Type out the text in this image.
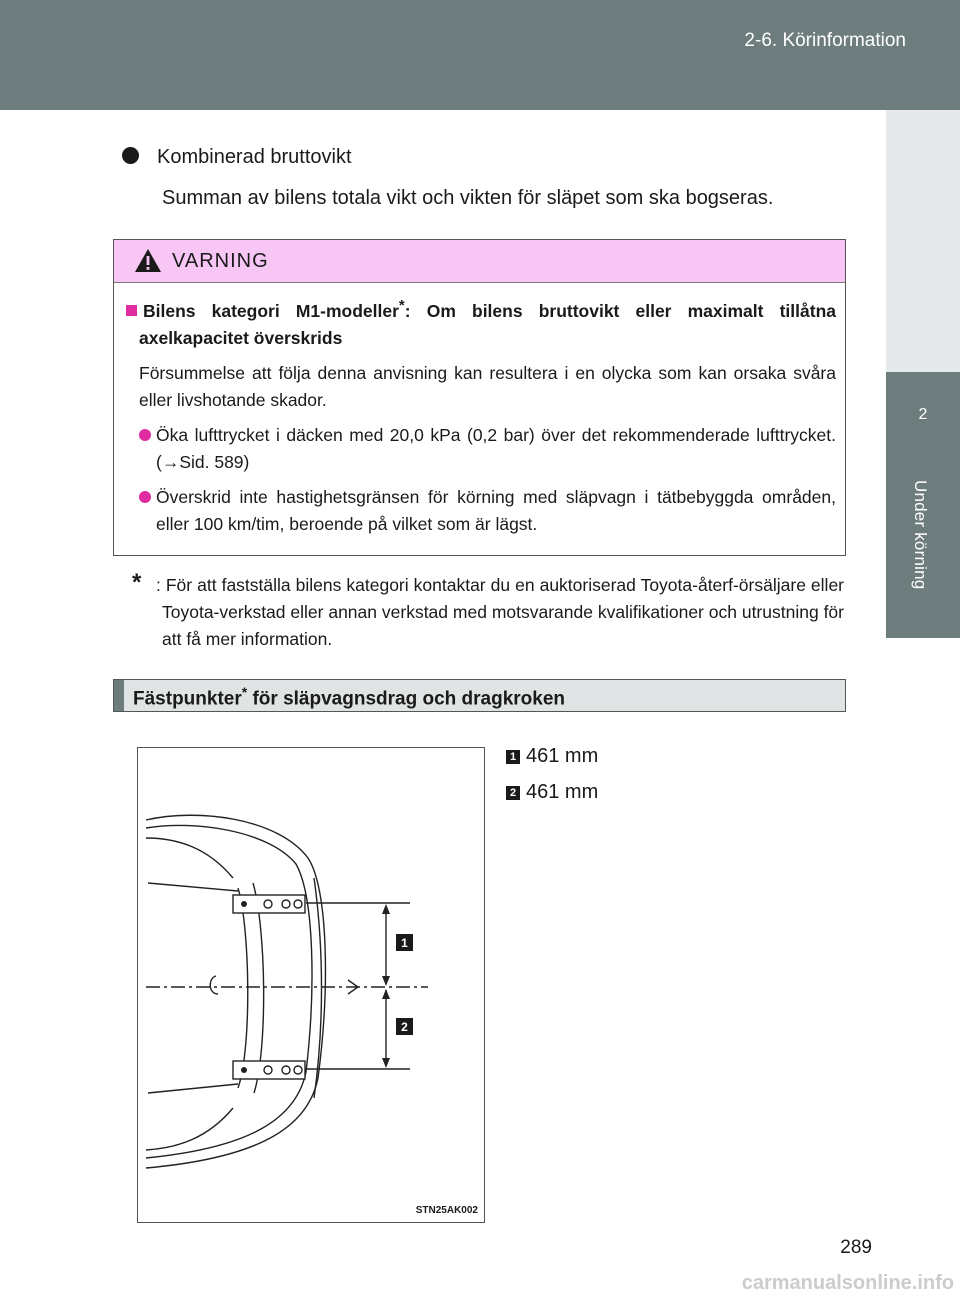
2-6. Körinformation
2
Under körning
Kombinerad bruttovikt
Summan av bilens totala vikt och vikten för släpet som ska bogseras.
VARNING
Bilens kategori M1-modeller*: Om bilens bruttovikt eller maximalt tillåtna axelkapacitet överskrids
Försummelse att följa denna anvisning kan resultera i en olycka som kan orsaka svåra eller livshotande skador.
Öka lufttrycket i däcken med 20,0 kPa (0,2 bar) över det rekommenderade lufttrycket. (→Sid. 589)
Överskrid inte hastighetsgränsen för körning med släpvagn i tätbebyggda områden, eller 100 km/tim, beroende på vilket som är lägst.
* : För att fastställa bilens kategori kontaktar du en auktoriserad Toyota-återf-örsäljare eller Toyota-verkstad eller annan verkstad med motsvarande kvalifikationer och utrustning för att få mer information.
Fästpunkter* för släpvagnsdrag och dragkroken
1 461 mm
2 461 mm
1
2
STN25AK002
289
carmanualsonline.info
